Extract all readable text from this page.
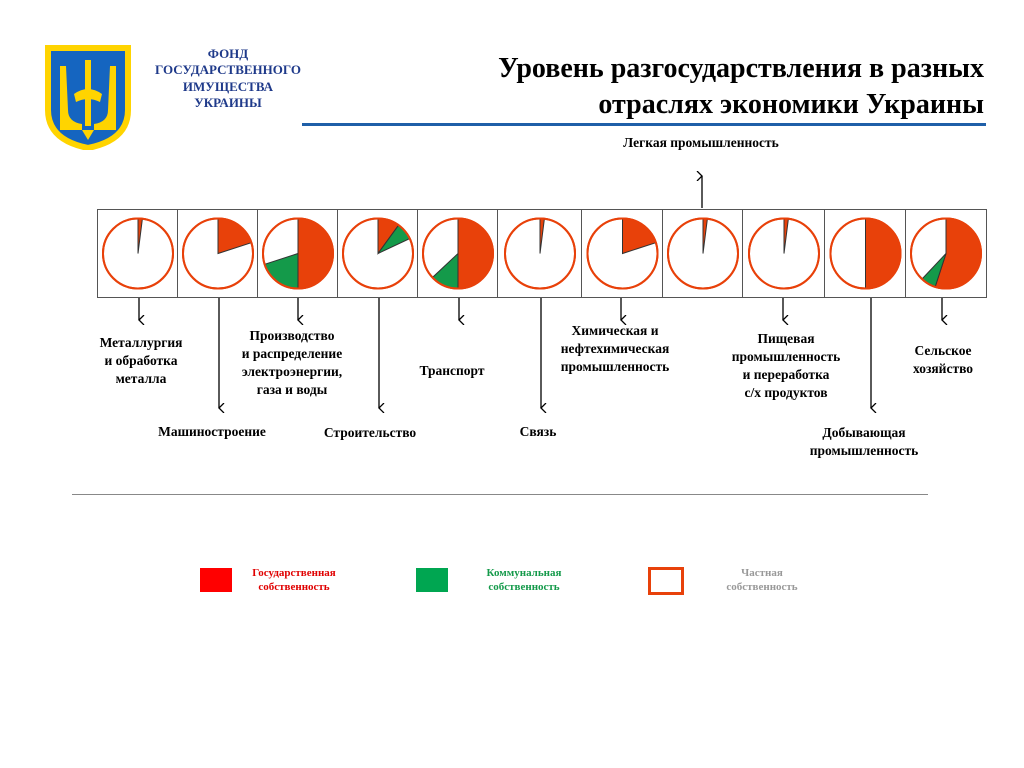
ФОНД
ГОСУДАРСТВЕННОГО
ИМУЩЕСТВА
УКРАИНЫ
Уровень разгосударствления в разных
отраслях экономики Украины
Металлургия
и обработка
металла
Машиностроение
Производство
и распределение
электроэнергии,
газа и воды
Строительство
Транспорт
Связь
Химическая и
нефтехимическая
промышленность
Легкая промышленность
Пищевая
промышленность
и переработка
с/х продуктов
Добывающая
промышленность
Сельское
хозяйство
Государственная
собственность
Коммунальная
собственность
Частная
собственность
